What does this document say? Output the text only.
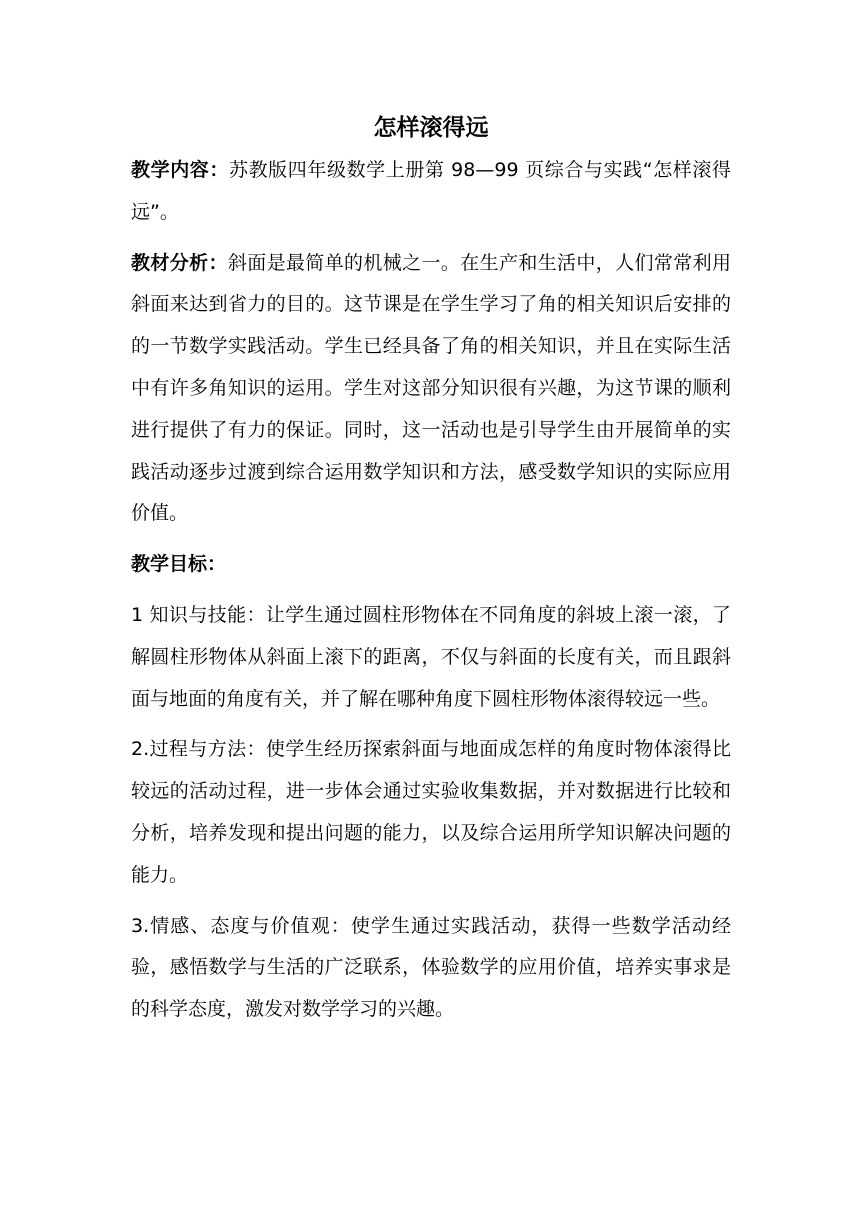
怎样滚得远

教学内容：苏教版四年级数学上册第 98—99 页综合与实践“怎样滚得远”。

教材分析：斜面是最简单的机械之一。在生产和生活中，人们常常利用斜面来达到省力的目的。这节课是在学生学习了角的相关知识后安排的的一节数学实践活动。学生已经具备了角的相关知识，并且在实际生活中有许多角知识的运用。学生对这部分知识很有兴趣，为这节课的顺利进行提供了有力的保证。同时，这一活动也是引导学生由开展简单的实践活动逐步过渡到综合运用数学知识和方法，感受数学知识的实际应用价值。

教学目标：

1 知识与技能：让学生通过圆柱形物体在不同角度的斜坡上滚一滚，了解圆柱形物体从斜面上滚下的距离，不仅与斜面的长度有关，而且跟斜面与地面的角度有关，并了解在哪种角度下圆柱形物体滚得较远一些。

2.过程与方法：使学生经历探索斜面与地面成怎样的角度时物体滚得比较远的活动过程，进一步体会通过实验收集数据，并对数据进行比较和分析，培养发现和提出问题的能力，以及综合运用所学知识解决问题的能力。

3.情感、态度与价值观：使学生通过实践活动，获得一些数学活动经验，感悟数学与生活的广泛联系，体验数学的应用价值，培养实事求是的科学态度，激发对数学学习的兴趣。
